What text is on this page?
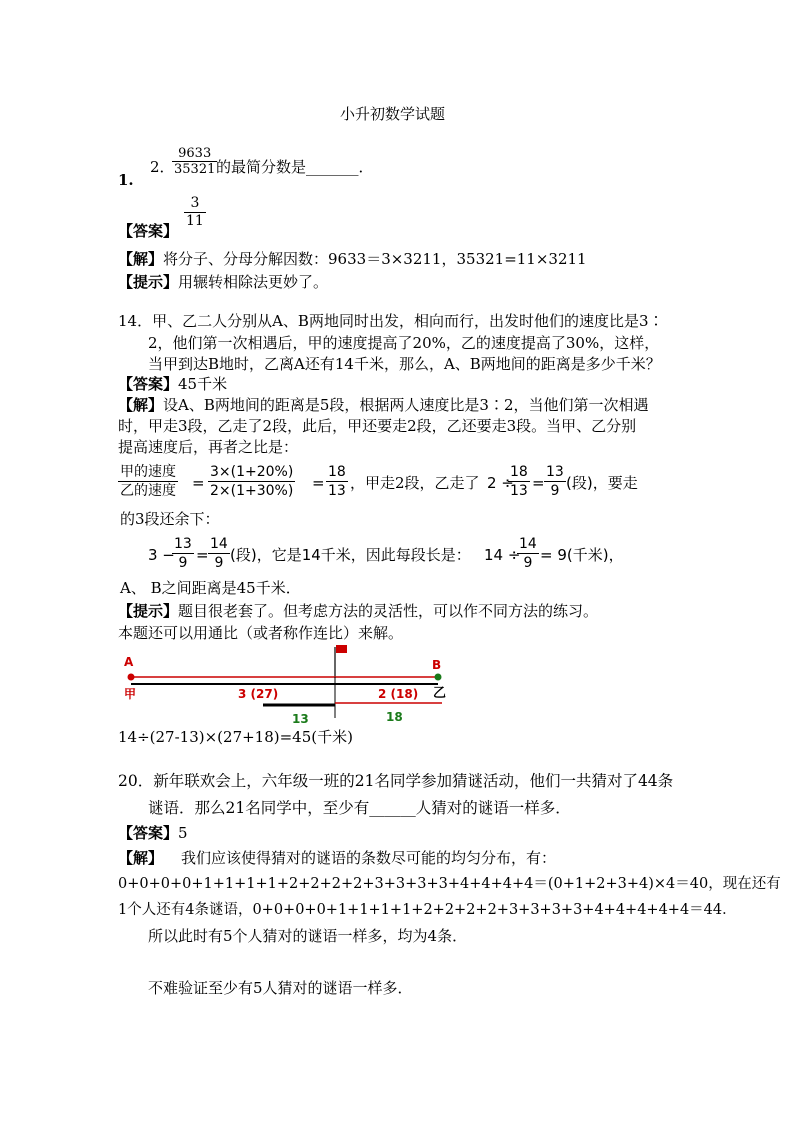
小升初数学试题
1.
2．
$\frac{9633}{35321}$
的最简分数是_______．
【答案】
$\frac{3}{11}$
【解】将分子、分母分解因数：9633＝3×3211，35321=11×3211
【提示】用辗转相除法更妙了。
14．甲、乙二人分别从A、B两地同时出发，相向而行，出发时他们的速度比是3∶
2，他们第一次相遇后，甲的速度提高了20%，乙的速度提高了30%，这样，
当甲到达B地时，乙离A还有14千米，那么，A、B两地间的距离是多少千米？
【答案】45千米
【解】设A、B两地间的距离是5段，根据两人速度比是3∶2，当他们第一次相遇
时，甲走3段，乙走了2段，此后，甲还要走2段，乙还要走3段。当甲、乙分别
提高速度后，再者之比是：
甲的速度
乙的速度 = $\frac{3\times(1+20\%)}{2\times(1+30\%)} = \frac{18}{13}$ ，甲走2段，乙走了 2 ÷
$\frac{18}{13} = \frac{13}{9}$ (段)，要走
的3段还余下：
3 −
$\frac{13}{9} = \frac{14}{9}$ (段)，它是14千米，因此每段长是： 14 ÷
$\frac{14}{9} = 9$(千米)，
A、 B之间距离是45千米．
【提示】题目很老套了。但考虑方法的灵活性，可以作不同方法的练习。
本题还可以用通比（或者称作连比）来解。
A	B
甲	乙
3 (27)	2 (18)
13	18
14÷(27-13)×(27+18)=45(千米)
20．新年联欢会上，六年级一班的21名同学参加猜谜活动，他们一共猜对了44条
谜语．那么21名同学中，至少有______人猜对的谜语一样多．
【答案】5
【解】 我们应该使得猜对的谜语的条数尽可能的均匀分布，有：
0+0+0+0+1+1+1+1+2+2+2+2+3+3+3+3+4+4+4+4＝(0+1+2+3+4)×4＝40，现在还有
1个人还有4条谜语，0+0+0+0+1+1+1+1+2+2+2+2+3+3+3+3+4+4+4+4+4＝44．
所以此时有5个人猜对的谜语一样多，均为4条．
不难验证至少有5人猜对的谜语一样多．
